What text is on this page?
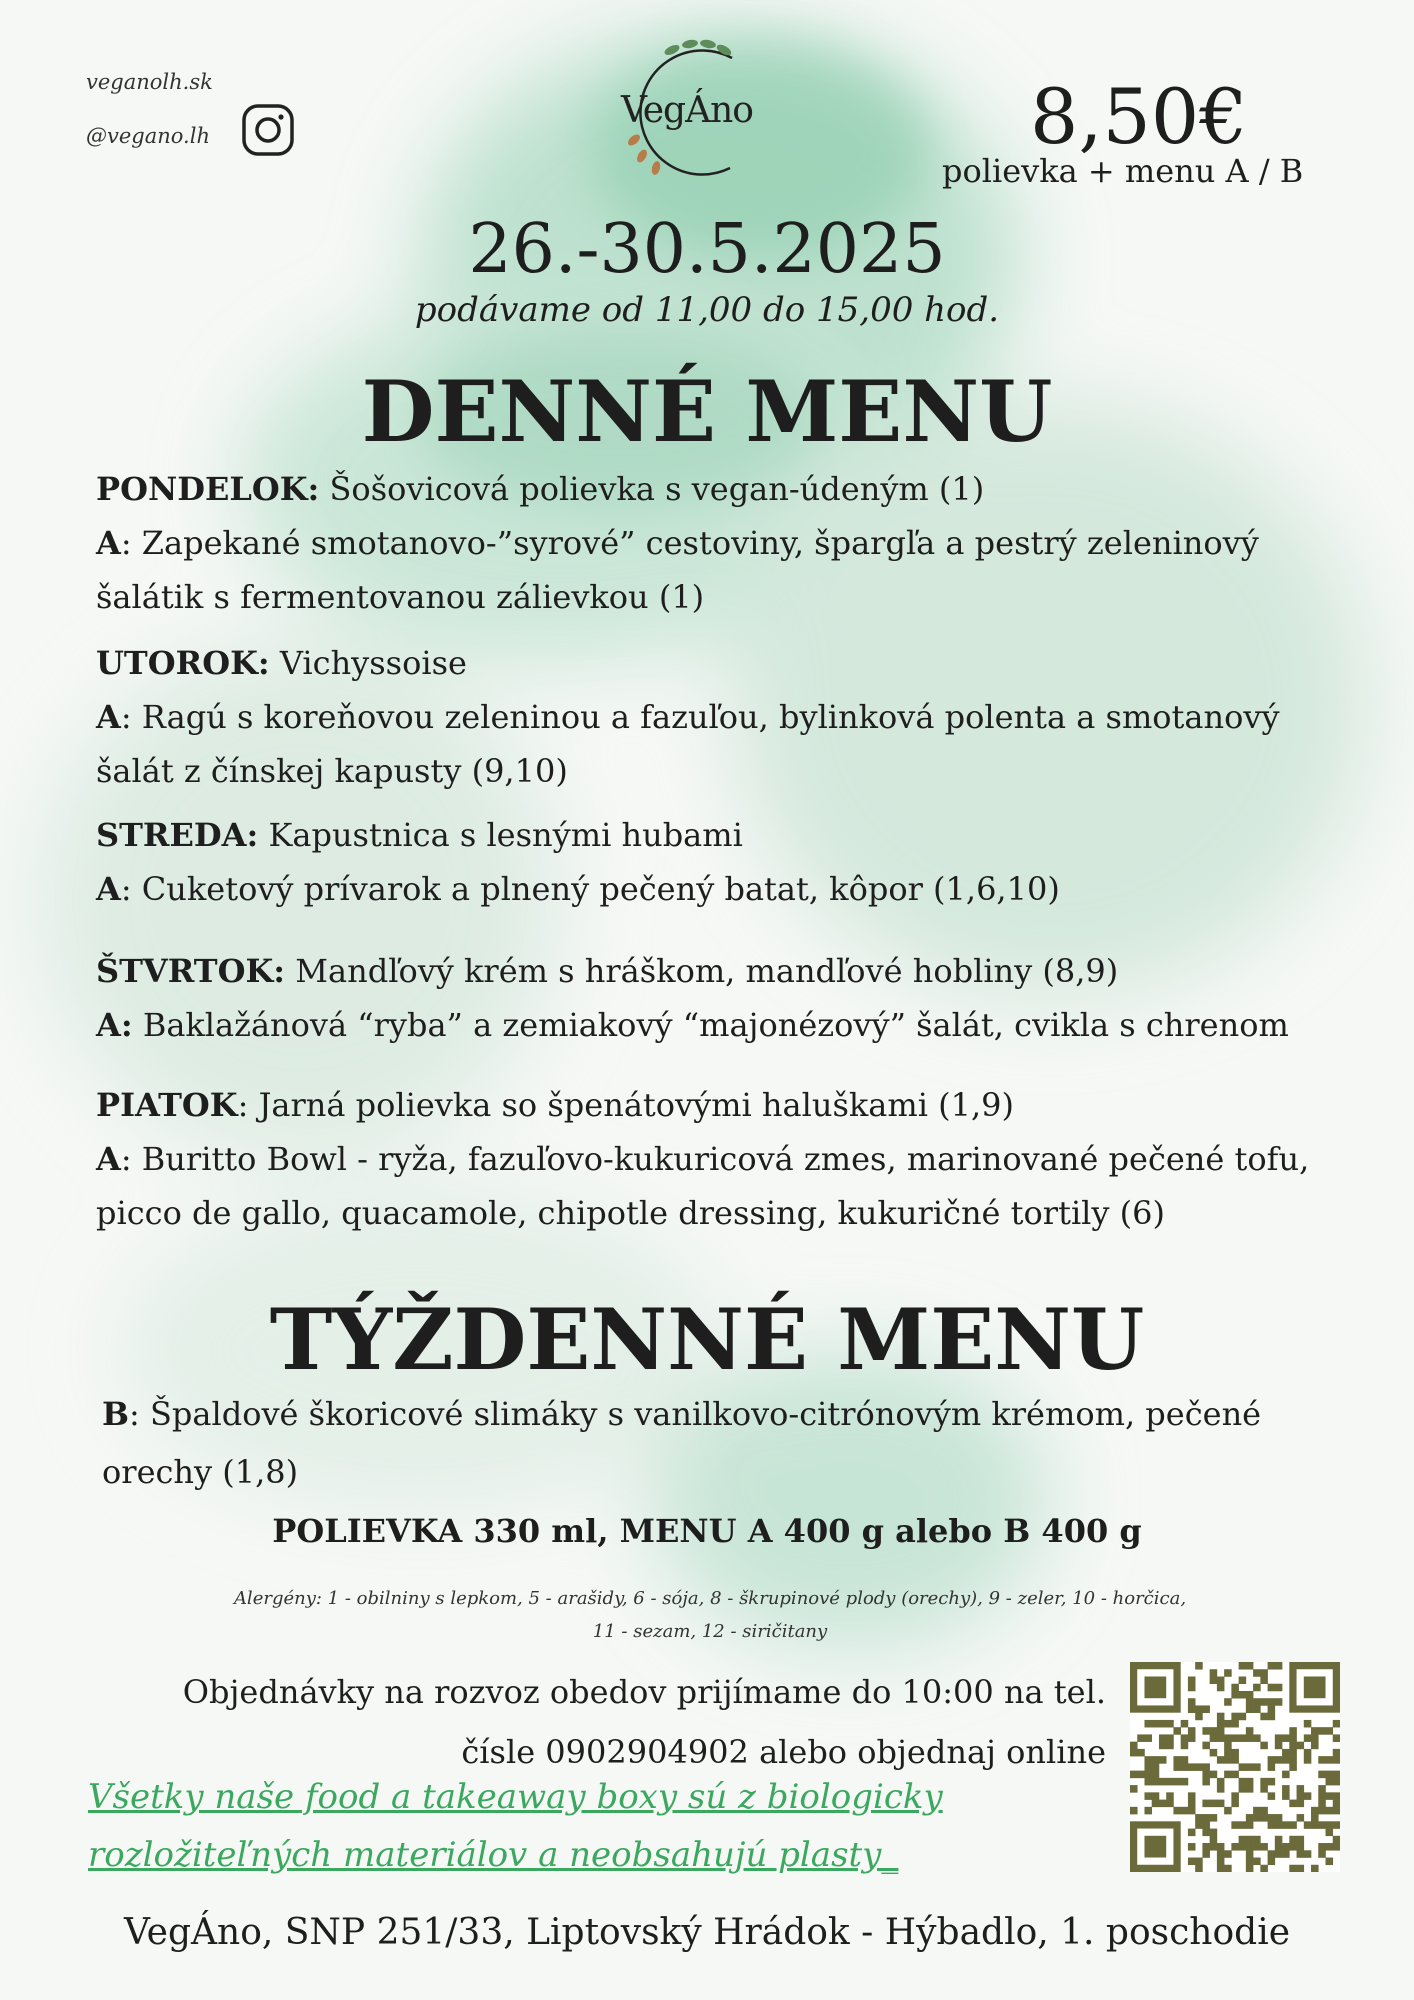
veganolh.sk
@vegano.lh
VegÁno	8,50€
polievka + menu A / B
26.-30.5.2025
podávame od 11,00 do 15,00 hod.
DENNÉ MENU

PONDELOK: Šošovicová polievka s vegan-údeným (1)

A: Zapekané smotanovo-”syrové” cestoviny, špargľa a pestrý zeleninový šalátik s fermentovanou zálievkou (1)

UTOROK: Vichyssoise

A: Ragú s koreňovou zeleninou a fazuľou, bylinková polenta a smotanový šalát z čínskej kapusty (9,10)

STREDA: Kapustnica s lesnými hubami

A: Cuketový prívarok a plnený pečený batat, kôpor (1,6,10)

ŠTVRTOK: Mandľový krém s hráškom, mandľové hobliny (8,9)

A: Baklažánová “ryba” a zemiakový “majonézový” šalát, cvikla s chrenom

PIATOK: Jarná polievka so špenátovými haluškami (1,9)

A: Buritto Bowl - ryža, fazuľovo-kukuricová zmes, marinované pečené tofu, picco de gallo, quacamole, chipotle dressing, kukuričné tortily (6)

TÝŽDENNÉ MENU

B: Špaldové škoricové slimáky s vanilkovo-citrónovým krémom, pečené orechy (1,8)

POLIEVKA 330 ml, MENU A 400 g alebo B 400 g
Alergény: 1 - obilniny s lepkom, 5 - arašidy, 6 - sója, 8 - škrupinové plody (orechy), 9 - zeler, 10 - horčica,
11 - sezam, 12 - siričitany
Objednávky na rozvoz obedov prijímame do 10:00 na tel.
čísle 0902904902 alebo objednaj online
Všetky naše food a takeaway boxy sú z biologicky
rozložiteľných materiálov a neobsahujú plasty_
VegÁno, SNP 251/33, Liptovský Hrádok - Hýbadlo, 1. poschodie
